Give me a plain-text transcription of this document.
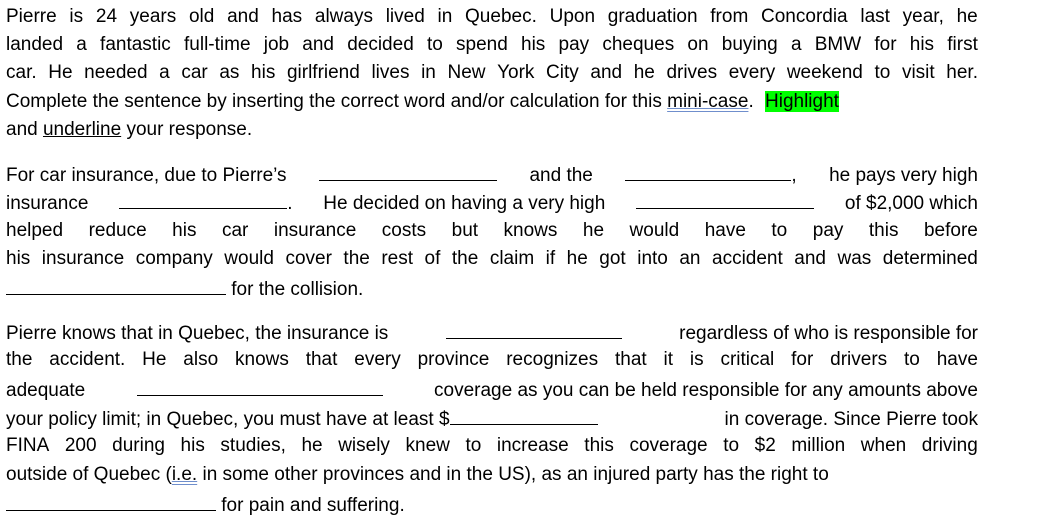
Pierre is 24 years old and has always lived in Quebec. Upon graduation from Concordia last year, he
landed a fantastic full-time job and decided to spend his pay cheques on buying a BMW for his first
car. He needed a car as his girlfriend lives in New York City and he drives every weekend to visit her.
Complete the sentence by inserting the correct word and/or calculation for this mini-case. Highlight
and underline your response.
For car insurance, due to Pierre’s	and the	, he pays very high
insurance	. He decided on having a very high	of $2,000 which
helped reduce his car insurance costs but knows he would have to pay this before
his insurance company would cover the rest of the claim if he got into an accident and was determined
for the collision.
Pierre knows that in Quebec, the insurance is	regardless of who is responsible for
the accident. He also knows that every province recognizes that it is critical for drivers to have
adequate	coverage as you can be held responsible for any amounts above
your policy limit; in Quebec, you must have at least $	in coverage. Since Pierre took
FINA 200 during his studies, he wisely knew to increase this coverage to $2 million when driving
outside of Quebec (i.e. in some other provinces and in the US), as an injured party has the right to
for pain and suffering.
